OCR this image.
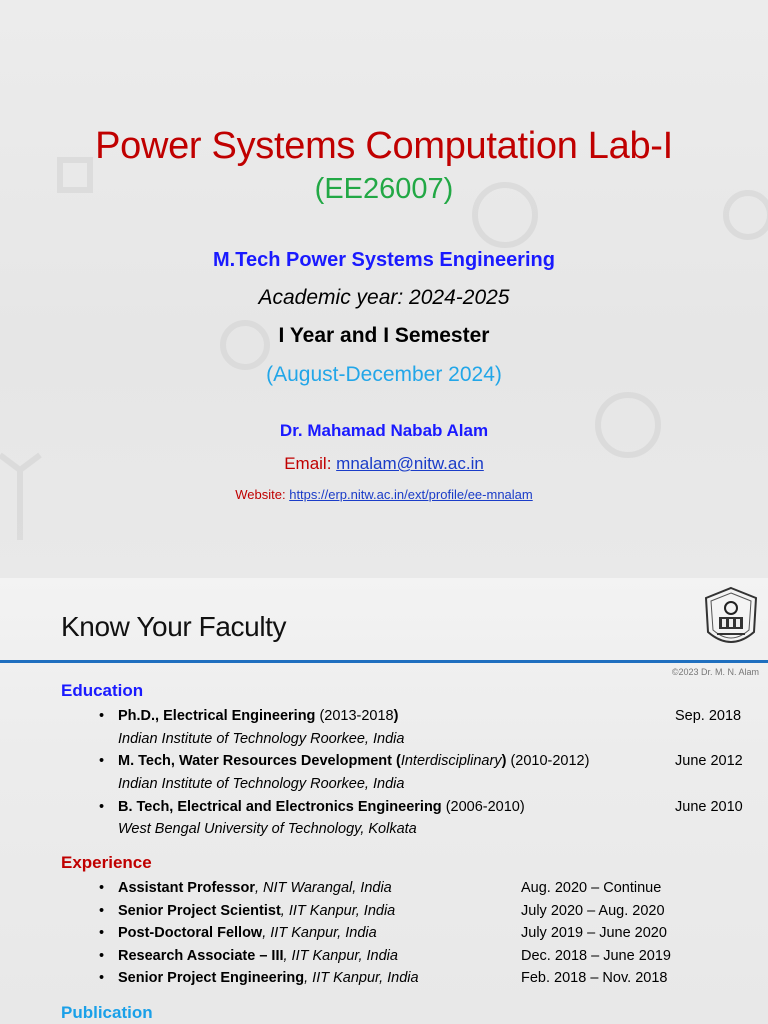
Power Systems Computation Lab-I
(EE26007)
M.Tech Power Systems Engineering
Academic year: 2024-2025
I Year and I Semester
(August-December 2024)
Dr. Mahamad Nabab Alam
Email: mnalam@nitw.ac.in
Website: https://erp.nitw.ac.in/ext/profile/ee-mnalam
Know Your Faculty
©2023 Dr. M. N. Alam
Education
• Ph.D., Electrical Engineering (2013-2018)	Sep. 2018
Indian Institute of Technology Roorkee, India
• M. Tech, Water Resources Development (Interdisciplinary) (2010-2012)	June 2012
Indian Institute of Technology Roorkee, India
• B. Tech, Electrical and Electronics Engineering (2006-2010)	June 2010
West Bengal University of Technology, Kolkata
Experience
• Assistant Professor, NIT Warangal, India	Aug. 2020 – Continue
• Senior Project Scientist, IIT Kanpur, India	July 2020 – Aug. 2020
• Post-Doctoral Fellow, IIT Kanpur, India	July 2019 – June 2020
• Research Associate – III, IIT Kanpur, India	Dec. 2018 – June 2019
• Senior Project Engineering, IIT Kanpur, India	Feb. 2018 – Nov. 2018
Publication
